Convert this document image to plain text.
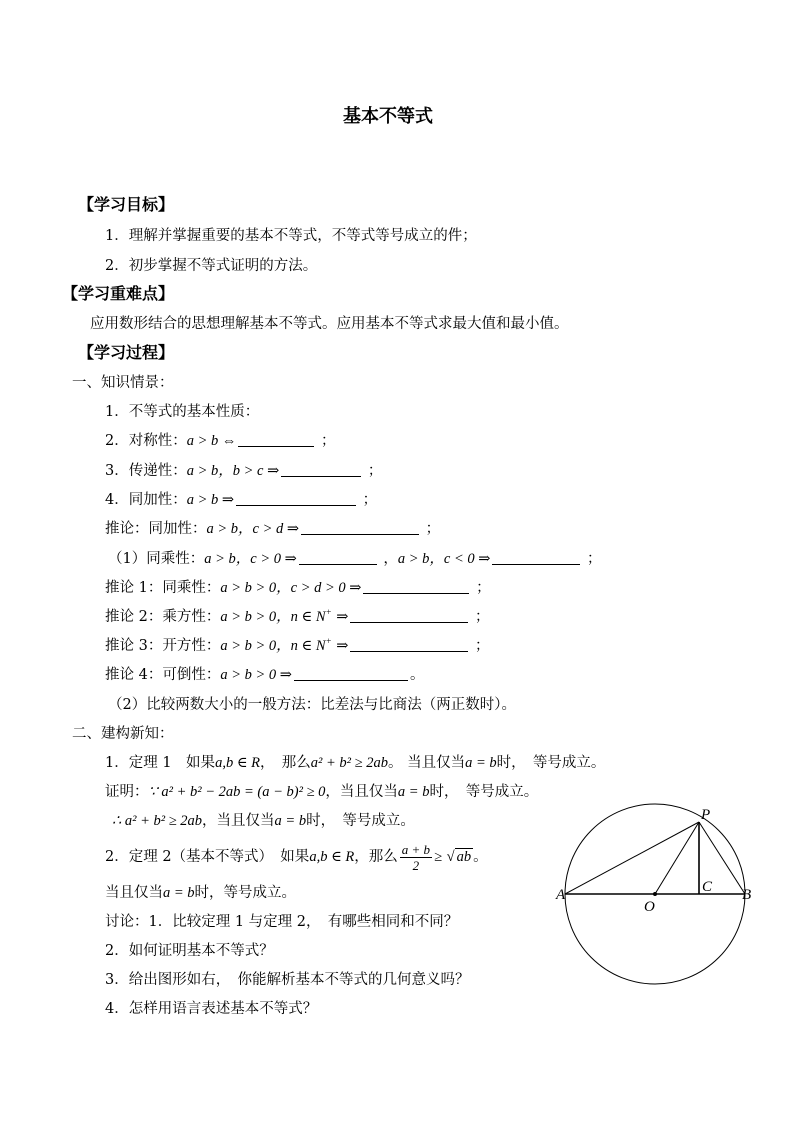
基本不等式
【学习目标】
1．理解并掌握重要的基本不等式，不等式等号成立的件；
2．初步掌握不等式证明的方法。
【学习重难点】
应用数形结合的思想理解基本不等式。应用基本不等式求最大值和最小值。
【学习过程】
一、知识情景：
1．不等式的基本性质：
2．对称性：a > b ⇔	；
3．传递性：a > b，b > c ⇒	；
4．同加性：a > b ⇒	；
推论：同加性：a > b，c > d ⇒	；
（1）同乘性：a > b，c > 0 ⇒	，a > b，c < 0 ⇒	；
推论 1：同乘性：a > b > 0，c > d > 0 ⇒	；
推论 2：乘方性：a > b > 0，n ∈ N+ ⇒	；
推论 3：开方性：a > b > 0，n ∈ N+ ⇒	；
推论 4：可倒性：a > b > 0 ⇒	。
（2）比较两数大小的一般方法：比差法与比商法（两正数时）。
二、建构新知：
1．定理 1　如果a,b ∈ R，　那么a² + b² ≥ 2ab。 当且仅当a = b时，　等号成立。
证明：∵ a² + b² − 2ab = (a − b)² ≥ 0，当且仅当a = b时，　等号成立。
∴ a² + b² ≥ 2ab，当且仅当a = b时，　等号成立。
2．定理 2（基本不等式）　如果a,b ∈ R，那么 $\frac{a + b}{2}$ ≥ √ ab 。
当且仅当a = b时，等号成立。
讨论：1．比较定理 1 与定理 2，　有哪些相同和不同？
2．如何证明基本不等式？
3．给出图形如右，　你能解析基本不等式的几何意义吗？
4．怎样用语言表述基本不等式？
P
A
O
C B
